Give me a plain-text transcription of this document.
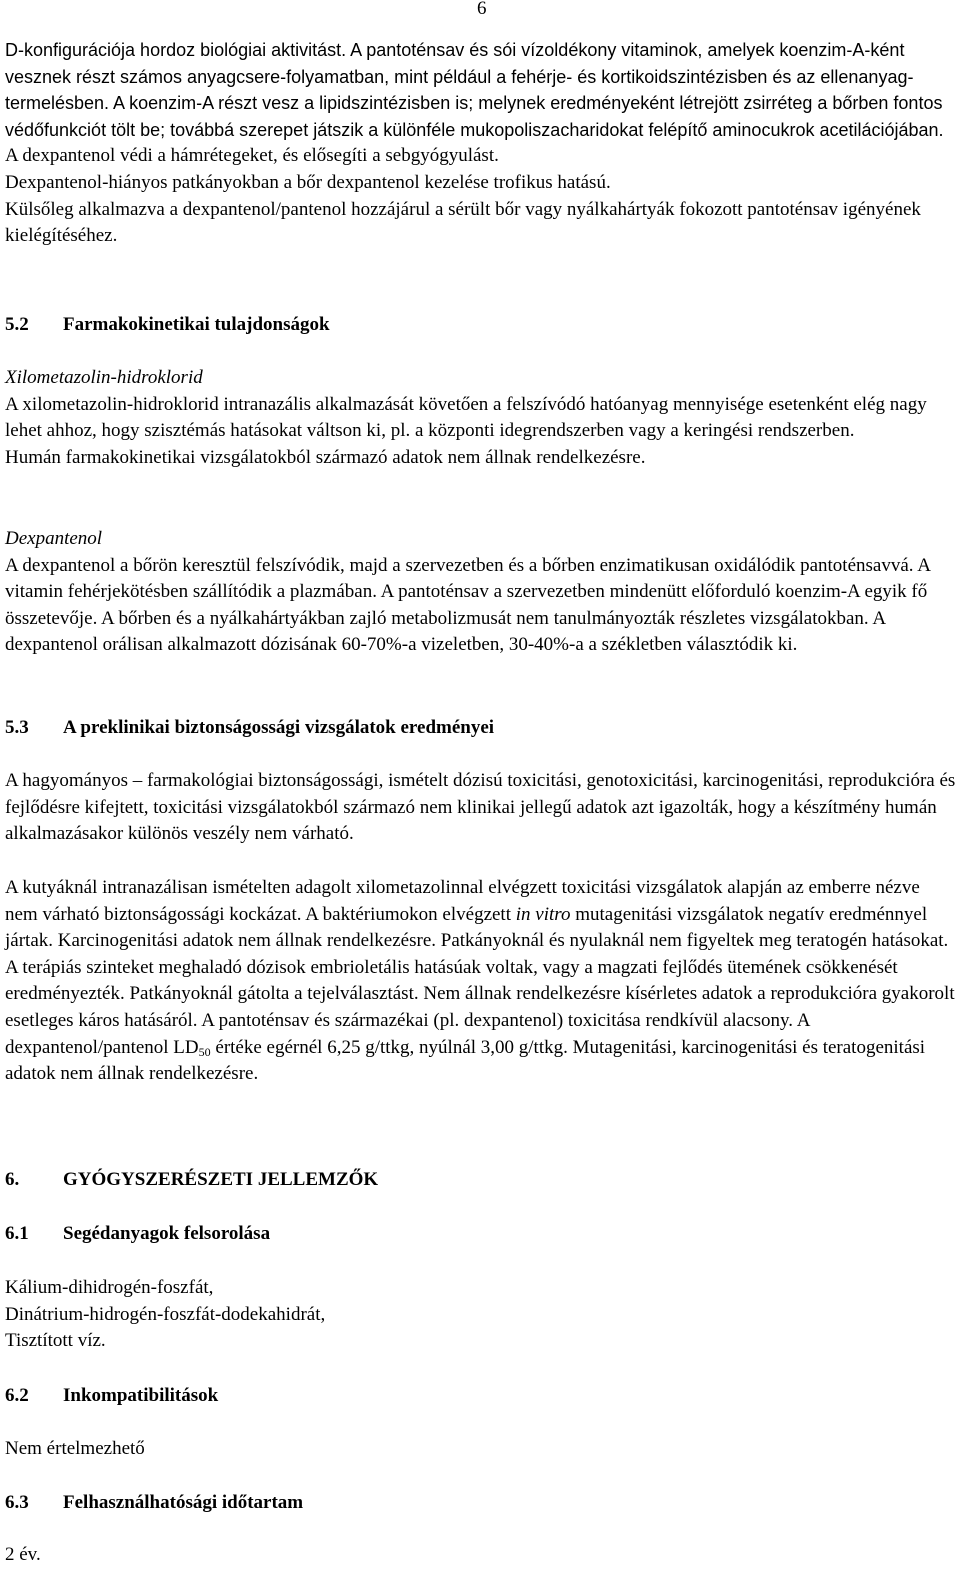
6

D-konfigurációja hordoz biológiai aktivitást. A pantoténsav és sói vízoldékony vitaminok, amelyek koenzim-A-ként vesznek részt számos anyagcsere-folyamatban, mint például a fehérje- és kortikoidszintézisben és az ellenanyag-termelésben. A koenzim-A részt vesz a lipidszintézisben is; melynek eredményeként létrejött zsirréteg a bőrben fontos védőfunkciót tölt be; továbbá szerepet játszik a különféle mukopoliszacharidokat felépítő aminocukrok acetilációjában.

A dexpantenol védi a hámrétegeket, és elősegíti a sebgyógyulást.

Dexpantenol-hiányos patkányokban a bőr dexpantenol kezelése trofikus hatású.

Külsőleg alkalmazva a dexpantenol/pantenol hozzájárul a sérült bőr vagy nyálkahártyák fokozott pantoténsav igényének kielégítéséhez.

5.2 Farmakokinetikai tulajdonságok

Xilometazolin-hidroklorid

A xilometazolin-hidroklorid intranazális alkalmazását követően a felszívódó hatóanyag mennyisége esetenként elég nagy lehet ahhoz, hogy szisztémás hatásokat váltson ki, pl. a központi idegrendszerben vagy a keringési rendszerben.

Humán farmakokinetikai vizsgálatokból származó adatok nem állnak rendelkezésre.

Dexpantenol

A dexpantenol a bőrön keresztül felszívódik, majd a szervezetben és a bőrben enzimatikusan oxidálódik pantoténsavvá. A vitamin fehérjekötésben szállítódik a plazmában. A pantoténsav a szervezetben mindenütt előforduló koenzim-A egyik fő összetevője. A bőrben és a nyálkahártyákban zajló metabolizmusát nem tanulmányozták részletes vizsgálatokban. A dexpantenol orálisan alkalmazott dózisának 60-70%-a vizeletben, 30-40%-a a székletben választódik ki.

5.3 A preklinikai biztonságossági vizsgálatok eredményei

A hagyományos – farmakológiai biztonságossági, ismételt dózisú toxicitási, genotoxicitási, karcinogenitási, reprodukcióra és fejlődésre kifejtett, toxicitási vizsgálatokból származó nem klinikai jellegű adatok azt igazolták, hogy a készítmény humán alkalmazásakor különös veszély nem várható.

A kutyáknál intranazálisan ismételten adagolt xilometazolinnal elvégzett toxicitási vizsgálatok alapján az emberre nézve nem várható biztonságossági kockázat. A baktériumokon elvégzett in vitro mutagenitási vizsgálatok negatív eredménnyel jártak. Karcinogenitási adatok nem állnak rendelkezésre. Patkányoknál és nyulaknál nem figyeltek meg teratogén hatásokat. A terápiás szinteket meghaladó dózisok embrioletális hatásúak voltak, vagy a magzati fejlődés ütemének csökkenését eredményezték. Patkányoknál gátolta a tejelválasztást. Nem állnak rendelkezésre kísérletes adatok a reprodukcióra gyakorolt esetleges káros hatásáról. A pantoténsav és származékai (pl. dexpantenol) toxicitása rendkívül alacsony. A dexpantenol/pantenol $LD_{50}$ értéke egérnél 6,25 g/ttkg, nyúlnál 3,00 g/ttkg. Mutagenitási, karcinogenitási és teratogenitási adatok nem állnak rendelkezésre.

6. GYÓGYSZERÉSZETI JELLEMZŐK

6.1 Segédanyagok felsorolása

Kálium-dihidrogén-foszfát,

Dinátrium-hidrogén-foszfát-dodekahidrát,

Tisztított víz.

6.2 Inkompatibilitások

Nem értelmezhető

6.3 Felhasználhatósági időtartam

2 év.
